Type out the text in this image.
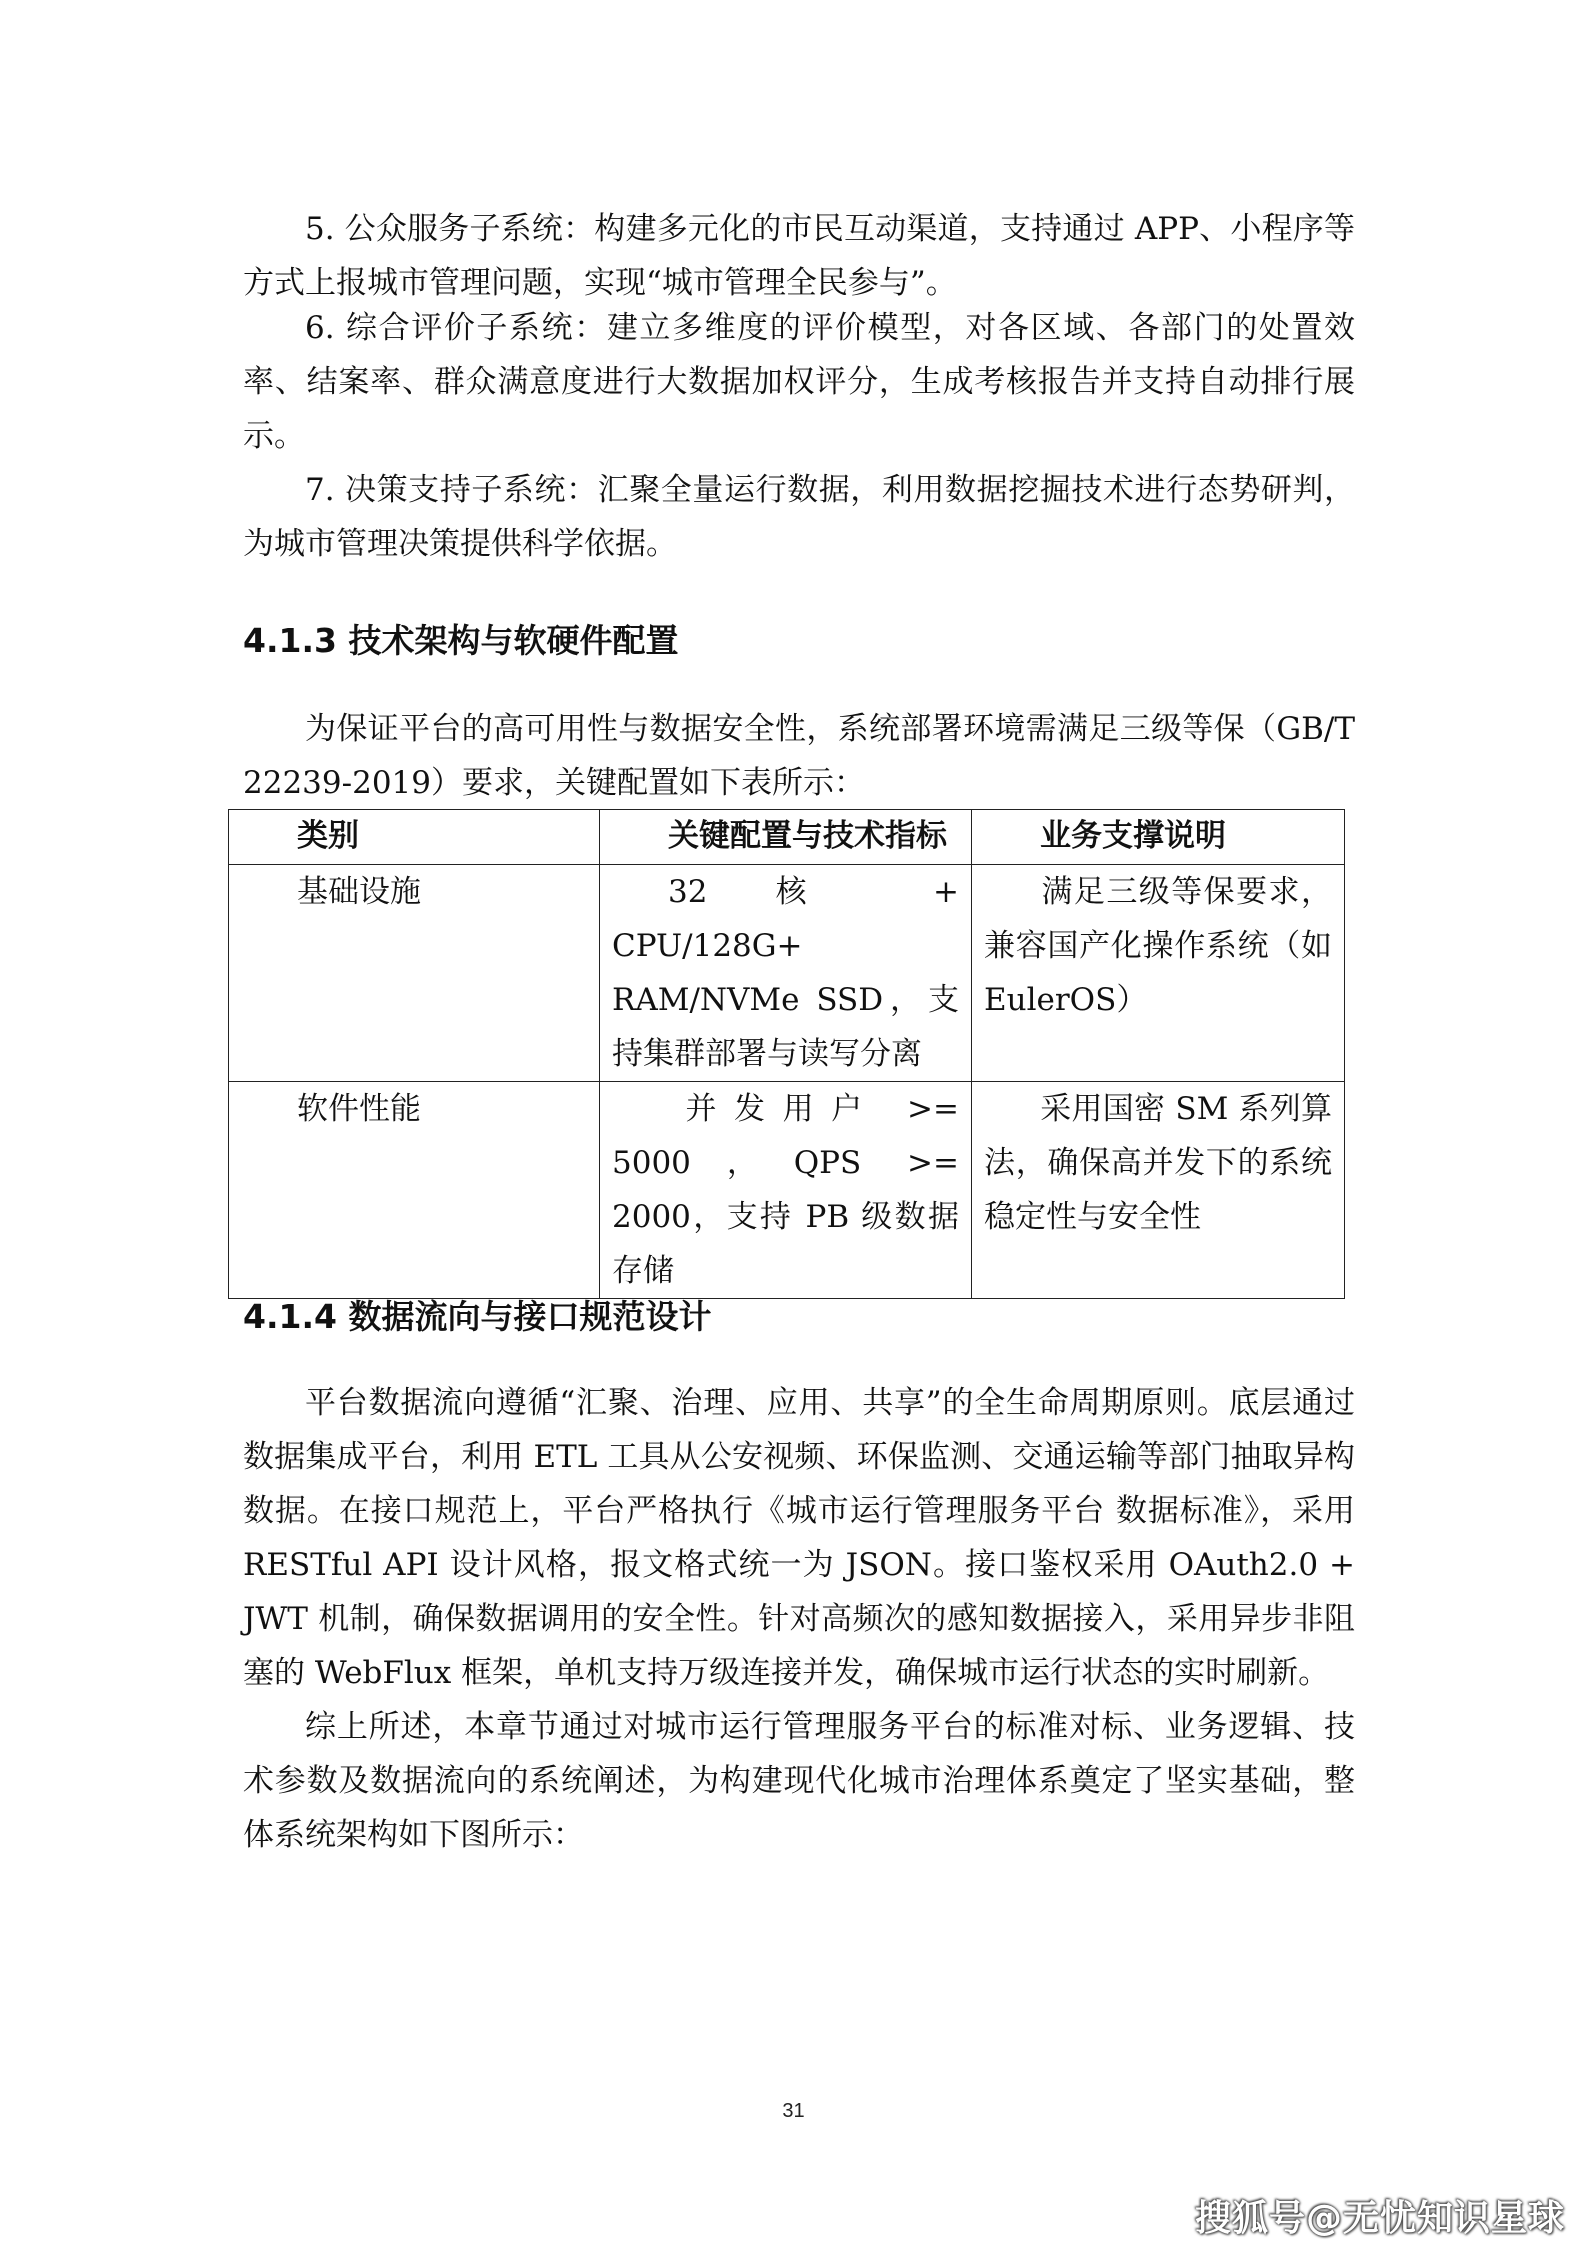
5. 公众服务子系统：构建多元化的市民互动渠道，支持通过 APP、小程序等方式上报城市管理问题，实现“城市管理全民参与”。

6. 综合评价子系统：建立多维度的评价模型，对各区域、各部门的处置效率、结案率、群众满意度进行大数据加权评分，生成考核报告并支持自动排行展示。

7. 决策支持子系统：汇聚全量运行数据，利用数据挖掘技术进行态势研判，为城市管理决策提供科学依据。

4.1.3 技术架构与软硬件配置

为保证平台的高可用性与数据安全性，系统部署环境需满足三级等保（GB/T 22239-2019）要求，关键配置如下表所示：

类别	关键配置与技术指标	业务支撑说明
基础设施	32 核 + CPU/128G+ RAM/NVMe SSD，支持集群部署与读写分离	满足三级等保要求，兼容国产化操作系统（如 EulerOS）
软件性能	并发用户 >= 5000，QPS >= 2000，支持 PB 级数据存储	采用国密 SM 系列算法，确保高并发下的系统稳定性与安全性
4.1.4 数据流向与接口规范设计

平台数据流向遵循“汇聚、治理、应用、共享”的全生命周期原则。底层通过数据集成平台，利用 ETL 工具从公安视频、环保监测、交通运输等部门抽取异构数据。在接口规范上，平台严格执行《城市运行管理服务平台 数据标准》，采用 RESTful API 设计风格，报文格式统一为 JSON。接口鉴权采用 OAuth2.0 + JWT 机制，确保数据调用的安全性。针对高频次的感知数据接入，采用异步非阻塞的 WebFlux 框架，单机支持万级连接并发，确保城市运行状态的实时刷新。

综上所述，本章节通过对城市运行管理服务平台的标准对标、业务逻辑、技术参数及数据流向的系统阐述，为构建现代化城市治理体系奠定了坚实基础，整体系统架构如下图所示：

31
搜狐号@无忧知识星球
